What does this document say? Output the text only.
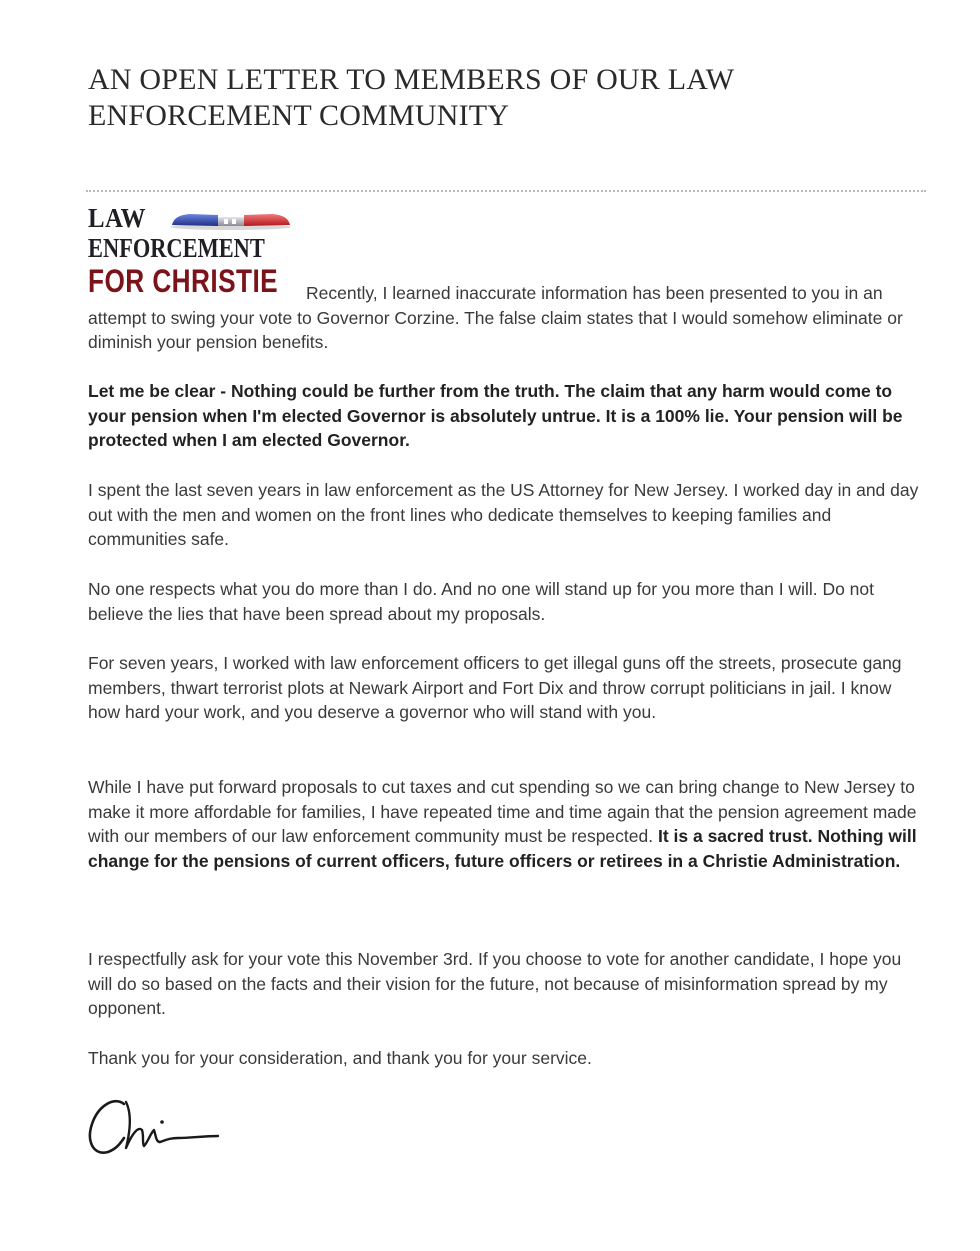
AN OPEN LETTER TO MEMBERS OF OUR LAW ENFORCEMENT COMMUNITY
LAW
ENFORCEMENT
FOR CHRISTIE	Recently, I learned inaccurate information has been presented to you in an attempt to swing your vote to Governor Corzine. The false claim states that I would somehow eliminate or diminish your pension benefits.

Let me be clear - Nothing could be further from the truth. The claim that any harm would come to your pension when I'm elected Governor is absolutely untrue. It is a 100% lie. Your pension will be protected when I am elected Governor.

I spent the last seven years in law enforcement as the US Attorney for New Jersey. I worked day in and day out with the men and women on the front lines who dedicate themselves to keeping families and communities safe.

No one respects what you do more than I do. And no one will stand up for you more than I will. Do not believe the lies that have been spread about my proposals.

For seven years, I worked with law enforcement officers to get illegal guns off the streets, prosecute gang members, thwart terrorist plots at Newark Airport and Fort Dix and throw corrupt politicians in jail. I know how hard your work, and you deserve a governor who will stand with you.

While I have put forward proposals to cut taxes and cut spending so we can bring change to New Jersey to make it more affordable for families, I have repeated time and time again that the pension agreement made with our members of our law enforcement community must be respected. It is a sacred trust. Nothing will change for the pensions of current officers, future officers or retirees in a Christie Administration.

I respectfully ask for your vote this November 3rd. If you choose to vote for another candidate, I hope you will do so based on the facts and their vision for the future, not because of misinformation spread by my opponent.

Thank you for your consideration, and thank you for your service.
